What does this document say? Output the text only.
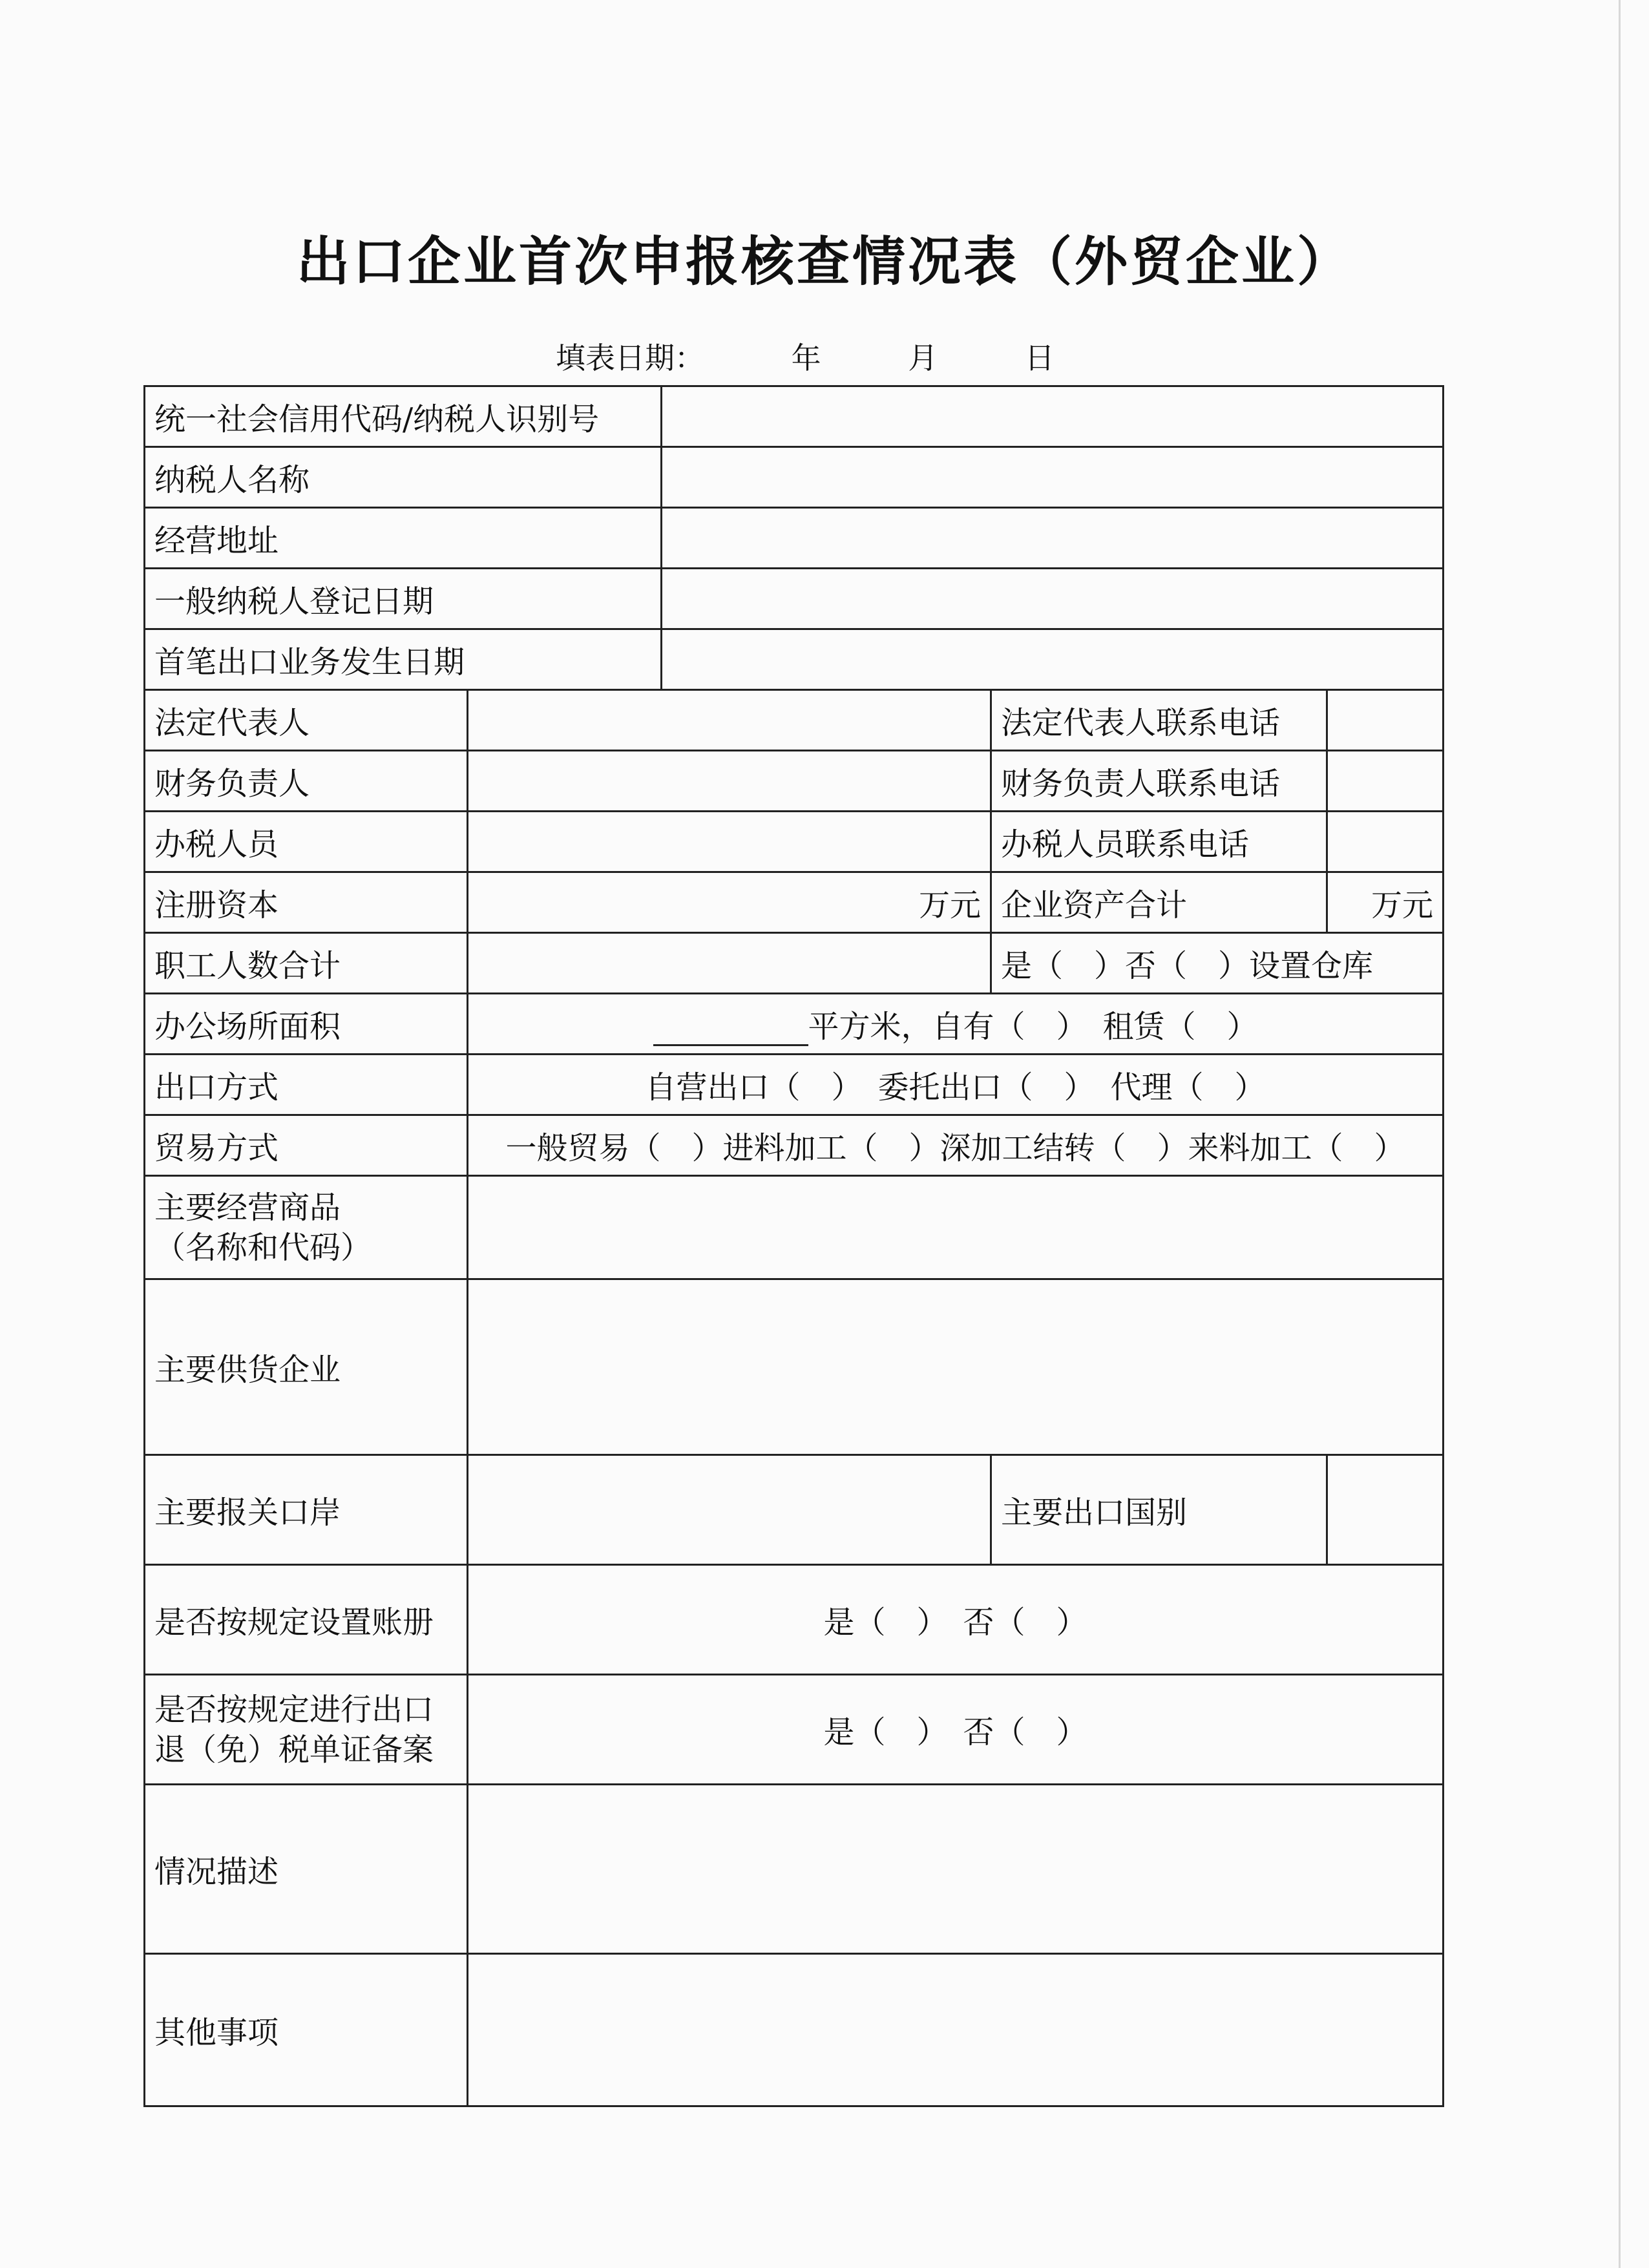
出口企业首次申报核查情况表（外贸企业）
填表日期：	年	月	日
统一社会信用代码/纳税人识别号				
纳税人名称				
经营地址				
一般纳税人登记日期				
首笔出口业务发生日期				
法定代表人			法定代表人联系电话	
财务负责人			财务负责人联系电话	
办税人员			办税人员联系电话	
注册资本	万元		企业资产合计	万元
职工人数合计			是（　）否（　）设置仓库	
办公场所面积	平方米，自有（　）　租赁（　）			
出口方式	自营出口（　）　委托出口（　）　代理（　）			
贸易方式	一般贸易（　）进料加工（　）深加工结转（　）来料加工（　）			

主要经营商品
（名称和代码）				

主要供货企业				
主要报关口岸			主要出口国别	
是否按规定设置账册	是（　）　否（　）			

是否按规定进行出口
退（免）税单证备案	是（　）　否（　）			
情况描述				
其他事项				
